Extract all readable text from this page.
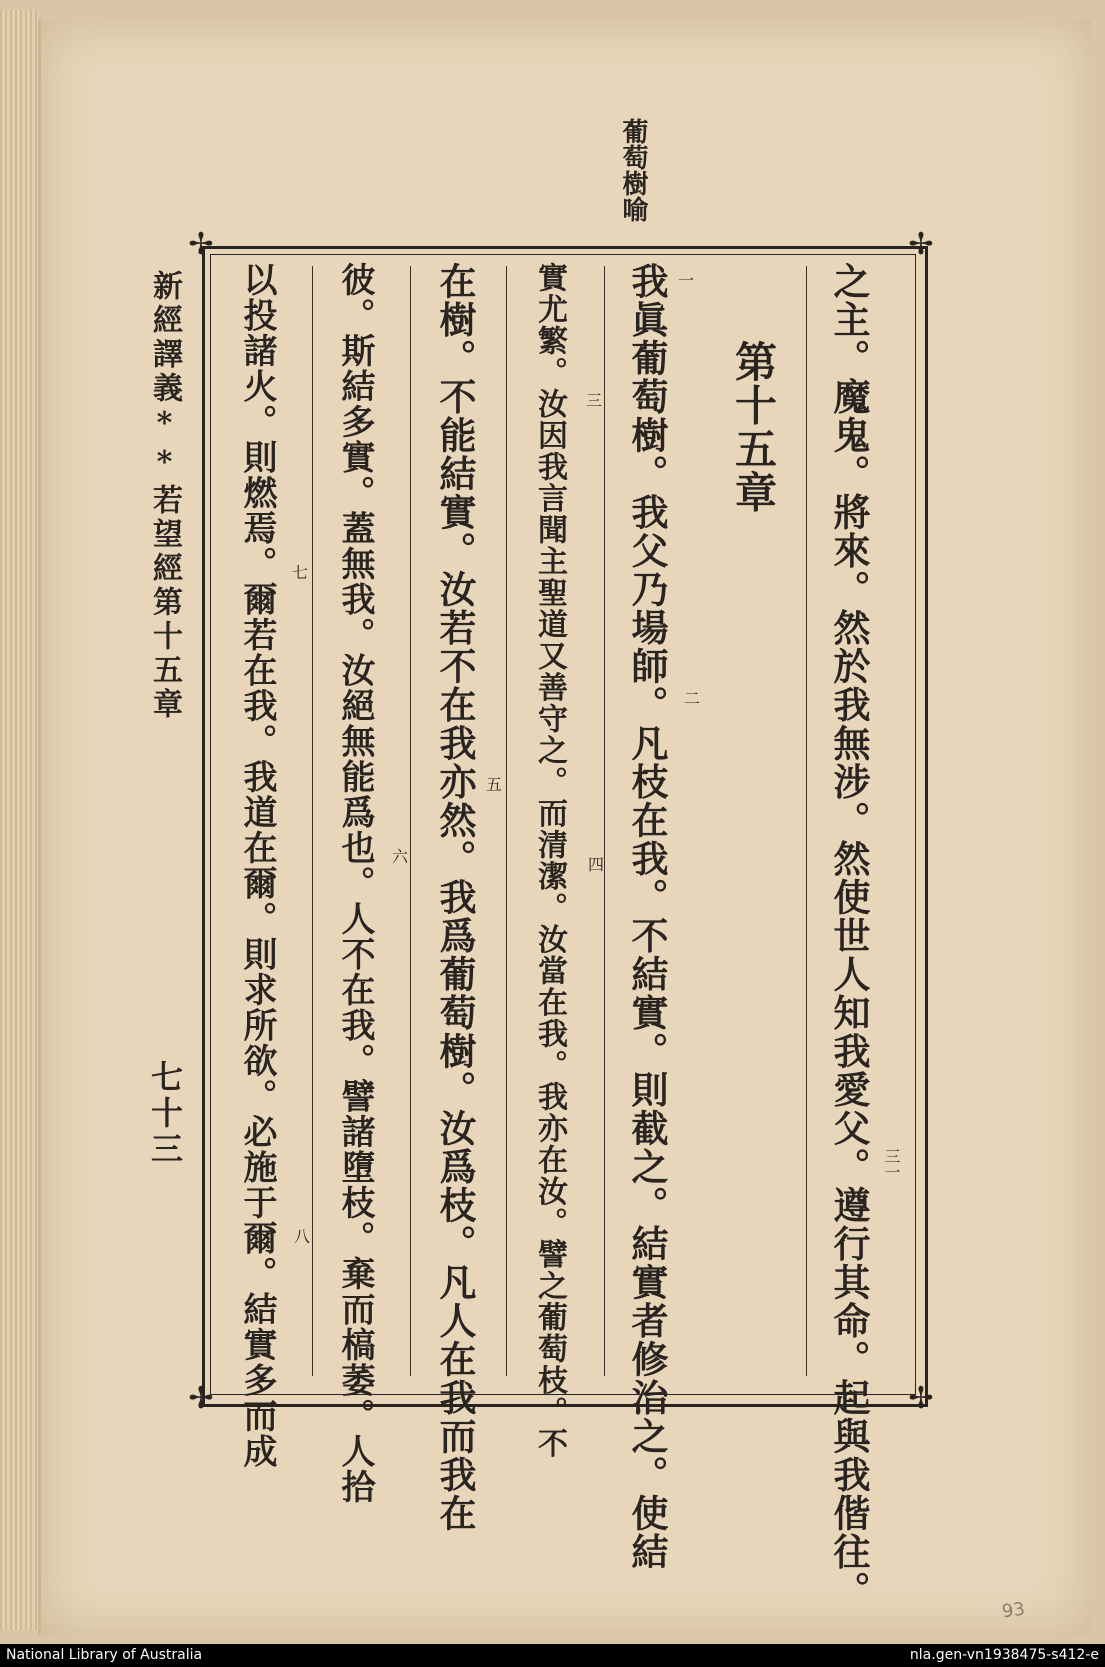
葡萄樹喻
✢	✢
✢	✢
之主。魔鬼。將來。然於我無涉。然使世人知我愛父。遵行其命。起與我偕往。
第十五章
我眞葡萄樹。我父乃場師。凡枝在我。不結實。則截之。結實者修治之。使結
實尤繁。汝因我言聞主聖道又善守之。而清潔。汝當在我。我亦在汝。譬之葡萄枝。不
在樹。不能結實。汝若不在我亦然。我爲葡萄樹。汝爲枝。凡人在我而我在
彼。斯結多實。蓋無我。汝絕無能爲也。人不在我。譬諸墮枝。棄而槁萎。人拾
以投諸火。則燃焉。爾若在我。我道在爾。則求所欲。必施于爾。結實多而成	三一
一
二
三
四
五
六
七
八
新經譯義**若望經第十五章
七十三
93
National Library of Australia	nla.gen-vn1938475-s412-e
